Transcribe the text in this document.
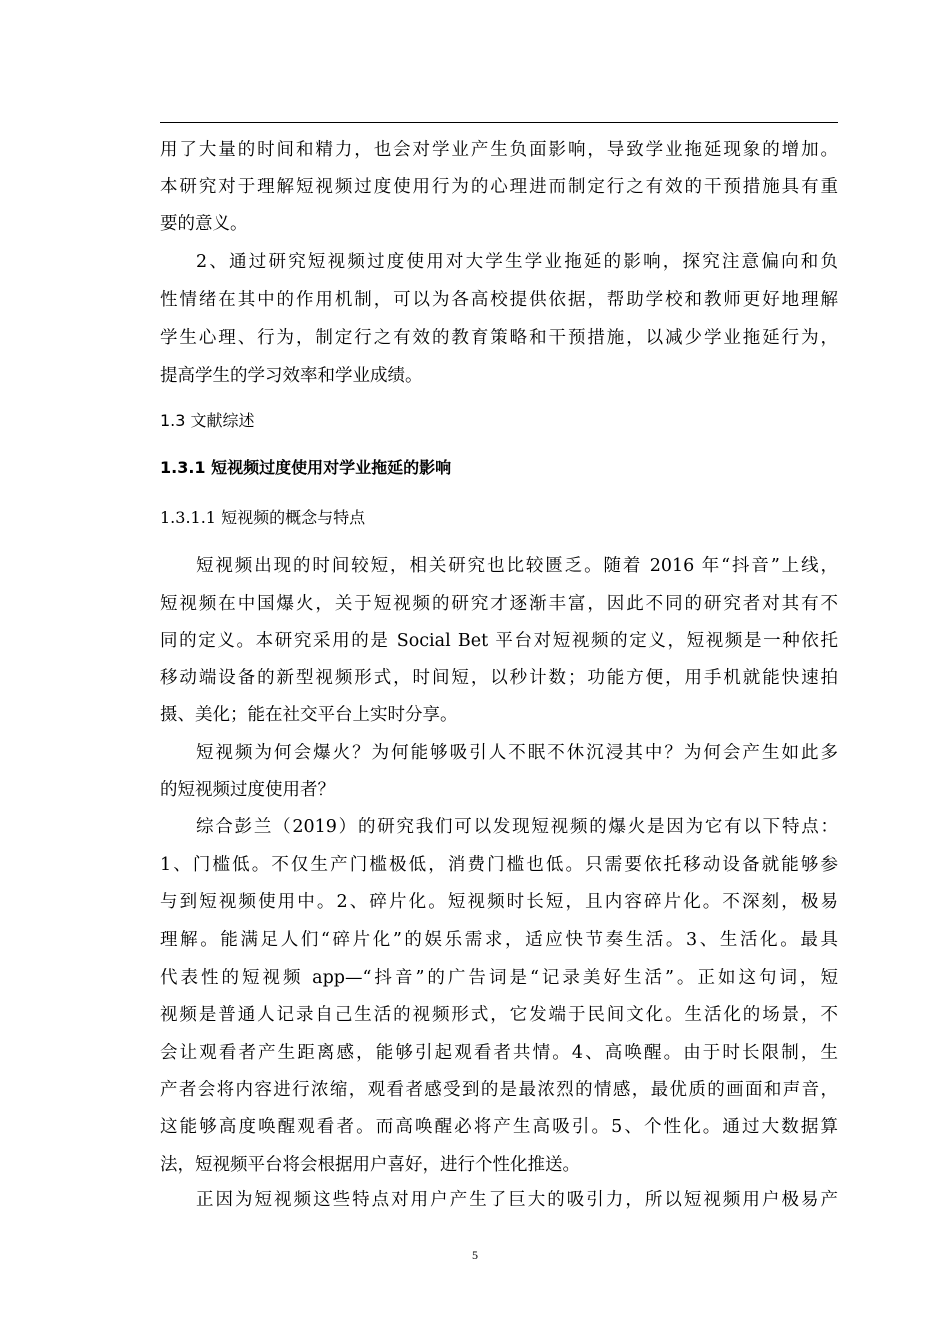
用了大量的时间和精力，也会对学业产生负面影响，导致学业拖延现象的增加。
本研究对于理解短视频过度使用行为的心理进而制定行之有效的干预措施具有重
要的意义。
2、通过研究短视频过度使用对大学生学业拖延的影响，探究注意偏向和负
性情绪在其中的作用机制，可以为各高校提供依据，帮助学校和教师更好地理解
学生心理、行为，制定行之有效的教育策略和干预措施，以减少学业拖延行为，
提高学生的学习效率和学业成绩。
1.3 文献综述
1.3.1 短视频过度使用对学业拖延的影响
1.3.1.1 短视频的概念与特点
短视频出现的时间较短，相关研究也比较匮乏。随着 2016 年“抖音”上线，
短视频在中国爆火，关于短视频的研究才逐渐丰富，因此不同的研究者对其有不
同的定义。本研究采用的是 Social Bet 平台对短视频的定义，短视频是一种依托
移动端设备的新型视频形式，时间短，以秒计数；功能方便，用手机就能快速拍
摄、美化；能在社交平台上实时分享。
短视频为何会爆火？为何能够吸引人不眠不休沉浸其中？为何会产生如此多
的短视频过度使用者？
综合彭兰（2019）的研究我们可以发现短视频的爆火是因为它有以下特点：
1、门槛低。不仅生产门槛极低，消费门槛也低。只需要依托移动设备就能够参
与到短视频使用中。2、碎片化。短视频时长短，且内容碎片化。不深刻，极易
理解。能满足人们“碎片化”的娱乐需求，适应快节奏生活。3、生活化。最具
代表性的短视频 app—“抖音”的广告词是“记录美好生活”。正如这句词，短
视频是普通人记录自己生活的视频形式，它发端于民间文化。生活化的场景，不
会让观看者产生距离感，能够引起观看者共情。4、高唤醒。由于时长限制，生
产者会将内容进行浓缩，观看者感受到的是最浓烈的情感，最优质的画面和声音，
这能够高度唤醒观看者。而高唤醒必将产生高吸引。5、个性化。通过大数据算
法，短视频平台将会根据用户喜好，进行个性化推送。
正因为短视频这些特点对用户产生了巨大的吸引力，所以短视频用户极易产
5
